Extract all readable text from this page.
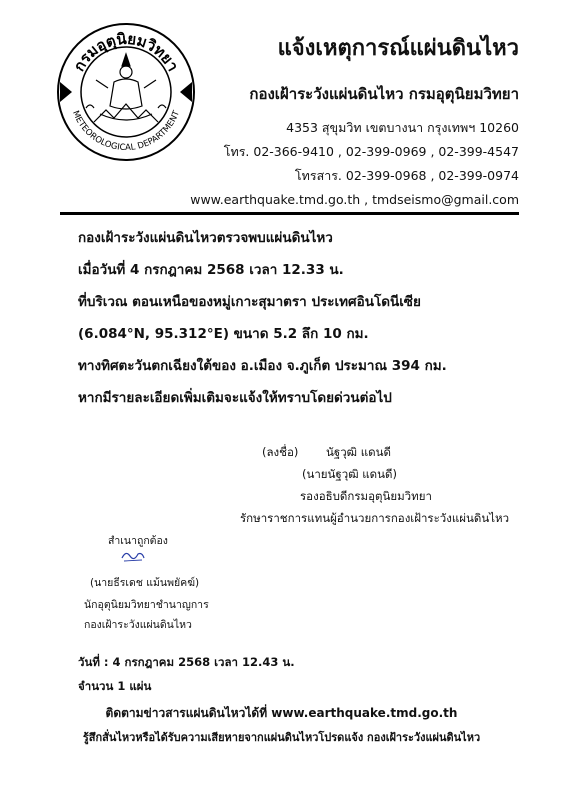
กรมอุตุนิยมวิทยา
METEOROLOGICAL DEPARTMENT
แจ้งเหตุการณ์แผ่นดินไหว
กองเฝ้าระวังแผ่นดินไหว กรมอุตุนิยมวิทยา
4353 สุขุมวิท เขตบางนา กรุงเทพฯ 10260
โทร. 02-366-9410 , 02-399-0969 , 02-399-4547
โทรสาร. 02-399-0968 , 02-399-0974
www.earthquake.tmd.go.th , tmdseismo@gmail.com
กองเฝ้าระวังแผ่นดินไหวตรวจพบแผ่นดินไหว
เมื่อวันที่ 4 กรกฎาคม 2568 เวลา 12.33 น.
ที่บริเวณ ตอนเหนือของหมู่เกาะสุมาตรา ประเทศอินโดนีเซีย
(6.084°N, 95.312°E) ขนาด 5.2 ลึก 10 กม.
ทางทิศตะวันตกเฉียงใต้ของ อ.เมือง จ.ภูเก็ต ประมาณ 394 กม.
หากมีรายละเอียดเพิ่มเติมจะแจ้งให้ทราบโดยด่วนต่อไป
(ลงชื่อ) นัฐวุฒิ แดนดี
(นายนัฐวุฒิ แดนดี)
รองอธิบดีกรมอุตุนิยมวิทยา
รักษาราชการแทนผู้อำนวยการกองเฝ้าระวังแผ่นดินไหว
สำเนาถูกต้อง
(นายธีรเดช แม้นพยัคฆ์)
นักอุตุนิยมวิทยาชำนาญการ
กองเฝ้าระวังแผ่นดินไหว
วันที่ : 4 กรกฎาคม 2568 เวลา 12.43 น.
จำนวน 1 แผ่น
ติดตามข่าวสารแผ่นดินไหวได้ที่ www.earthquake.tmd.go.th
รู้สึกสั่นไหวหรือได้รับความเสียหายจากแผ่นดินไหวโปรดแจ้ง กองเฝ้าระวังแผ่นดินไหว
